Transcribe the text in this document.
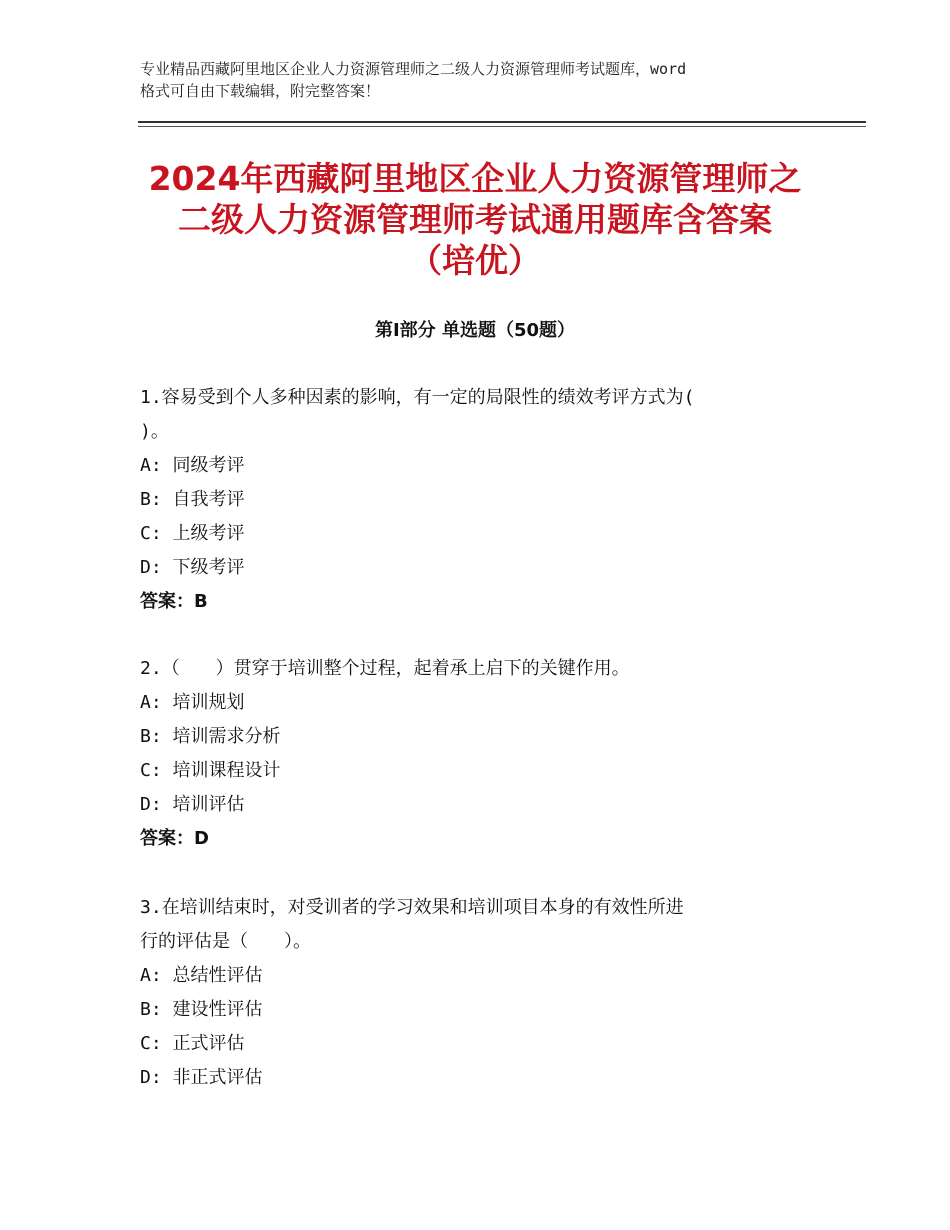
专业精品西藏阿里地区企业人力资源管理师之二级人力资源管理师考试题库，word
格式可自由下载编辑，附完整答案！
2024年西藏阿里地区企业人力资源管理师之
二级人力资源管理师考试通用题库含答案
（培优）
第Ⅰ部分 单选题（50题）
1.容易受到个人多种因素的影响，有一定的局限性的绩效考评方式为(
)。
A: 同级考评
B: 自我考评
C: 上级考评
D: 下级考评
答案：B
2.（　　）贯穿于培训整个过程，起着承上启下的关键作用。
A: 培训规划
B: 培训需求分析
C: 培训课程设计
D: 培训评估
答案：D
3.在培训结束时，对受训者的学习效果和培训项目本身的有效性所进
行的评估是（　　）。
A: 总结性评估
B: 建设性评估
C: 正式评估
D: 非正式评估
